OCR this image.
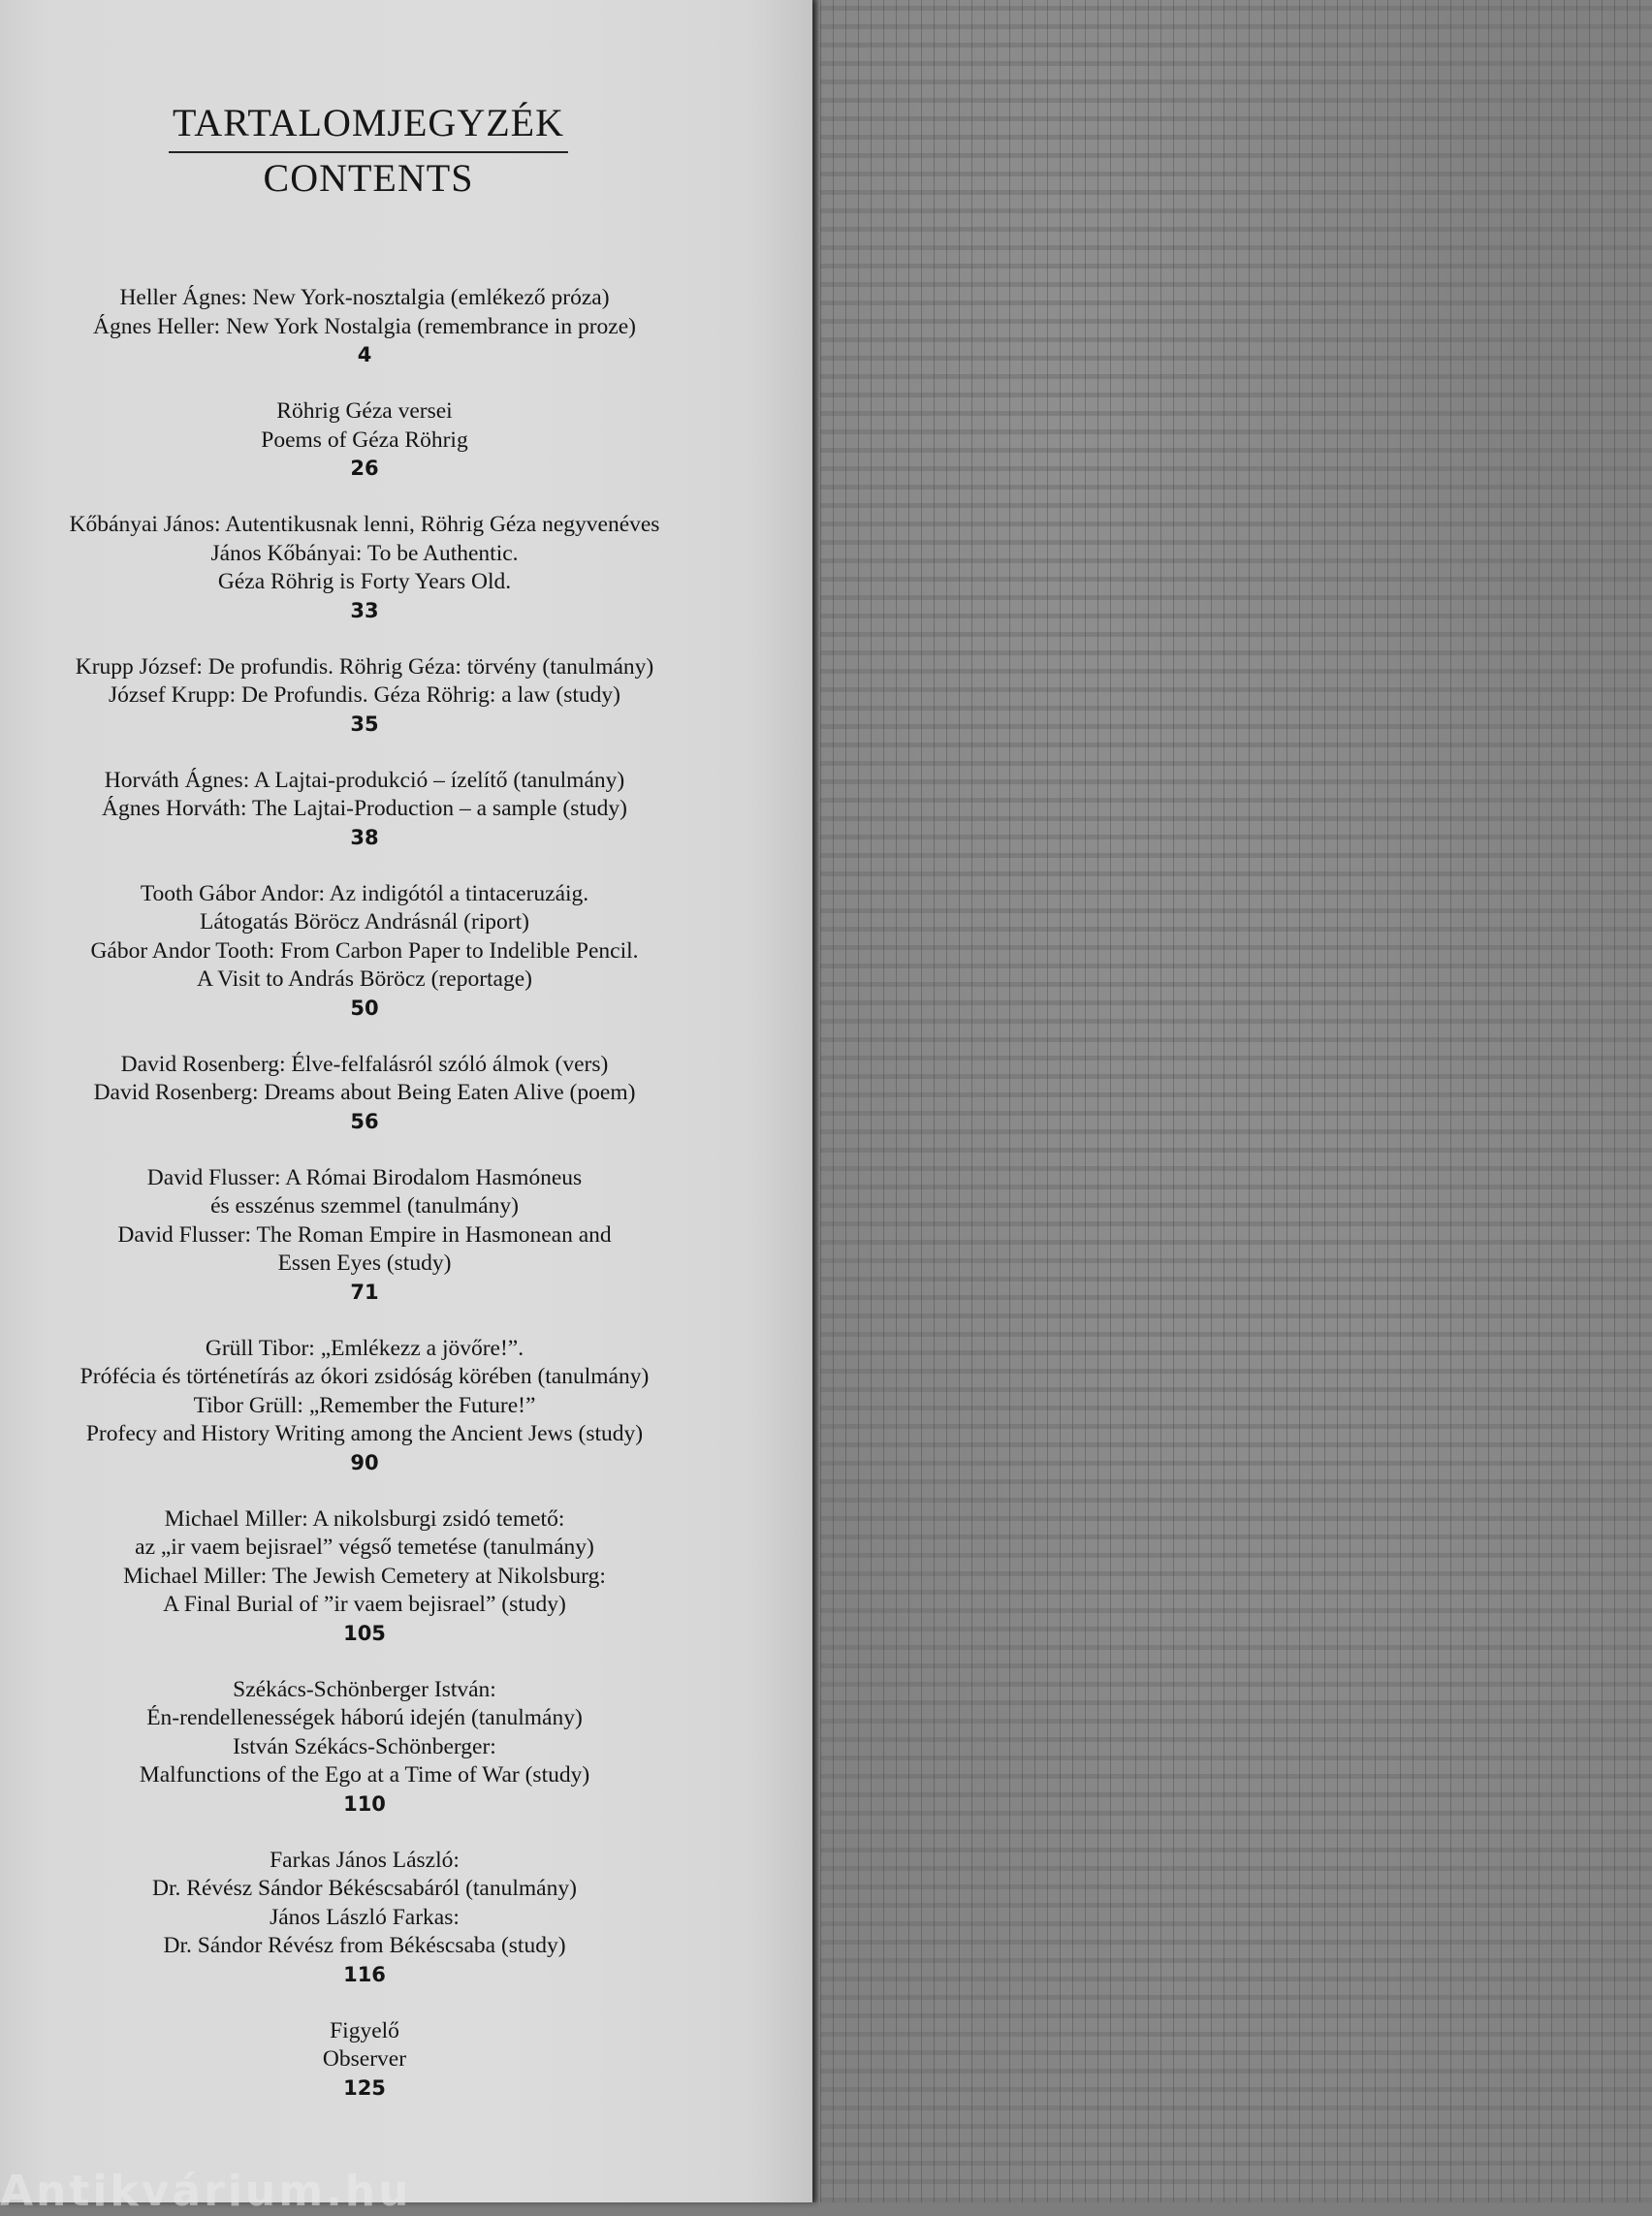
TARTALOMJEGYZÉK
CONTENTS
Heller Ágnes: New York-nosztalgia (emlékező próza)
Ágnes Heller: New York Nostalgia (remembrance in proze)
4
Röhrig Géza versei
Poems of Géza Röhrig
26
Kőbányai János: Autentikusnak lenni, Röhrig Géza negyvenéves
János Kőbányai: To be Authentic.
Géza Röhrig is Forty Years Old.
33
Krupp József: De profundis. Röhrig Géza: törvény (tanulmány)
József Krupp: De Profundis. Géza Röhrig: a law (study)
35
Horváth Ágnes: A Lajtai-produkció – ízelítő (tanulmány)
Ágnes Horváth: The Lajtai-Production – a sample (study)
38
Tooth Gábor Andor: Az indigótól a tintaceruzáig.
Látogatás Böröcz Andrásnál (riport)
Gábor Andor Tooth: From Carbon Paper to Indelible Pencil.
A Visit to András Böröcz (reportage)
50
David Rosenberg: Élve-felfalásról szóló álmok (vers)
David Rosenberg: Dreams about Being Eaten Alive (poem)
56
David Flusser: A Római Birodalom Hasmóneus
és esszénus szemmel (tanulmány)
David Flusser: The Roman Empire in Hasmonean and
Essen Eyes (study)
71
Grüll Tibor: „Emlékezz a jövőre!”.
Prófécia és történetírás az ókori zsidóság körében (tanulmány)
Tibor Grüll: „Remember the Future!”
Profecy and History Writing among the Ancient Jews (study)
90
Michael Miller: A nikolsburgi zsidó temető:
az „ir vaem bejisrael” végső temetése (tanulmány)
Michael Miller: The Jewish Cemetery at Nikolsburg:
A Final Burial of ”ir vaem bejisrael” (study)
105
Székács-Schönberger István:
Én-rendellenességek háború idején (tanulmány)
István Székács-Schönberger:
Malfunctions of the Ego at a Time of War (study)
110
Farkas János László:
Dr. Révész Sándor Békéscsabáról (tanulmány)
János László Farkas:
Dr. Sándor Révész from Békéscsaba (study)
116
Figyelő
Observer
125
Antikvárium.hu
